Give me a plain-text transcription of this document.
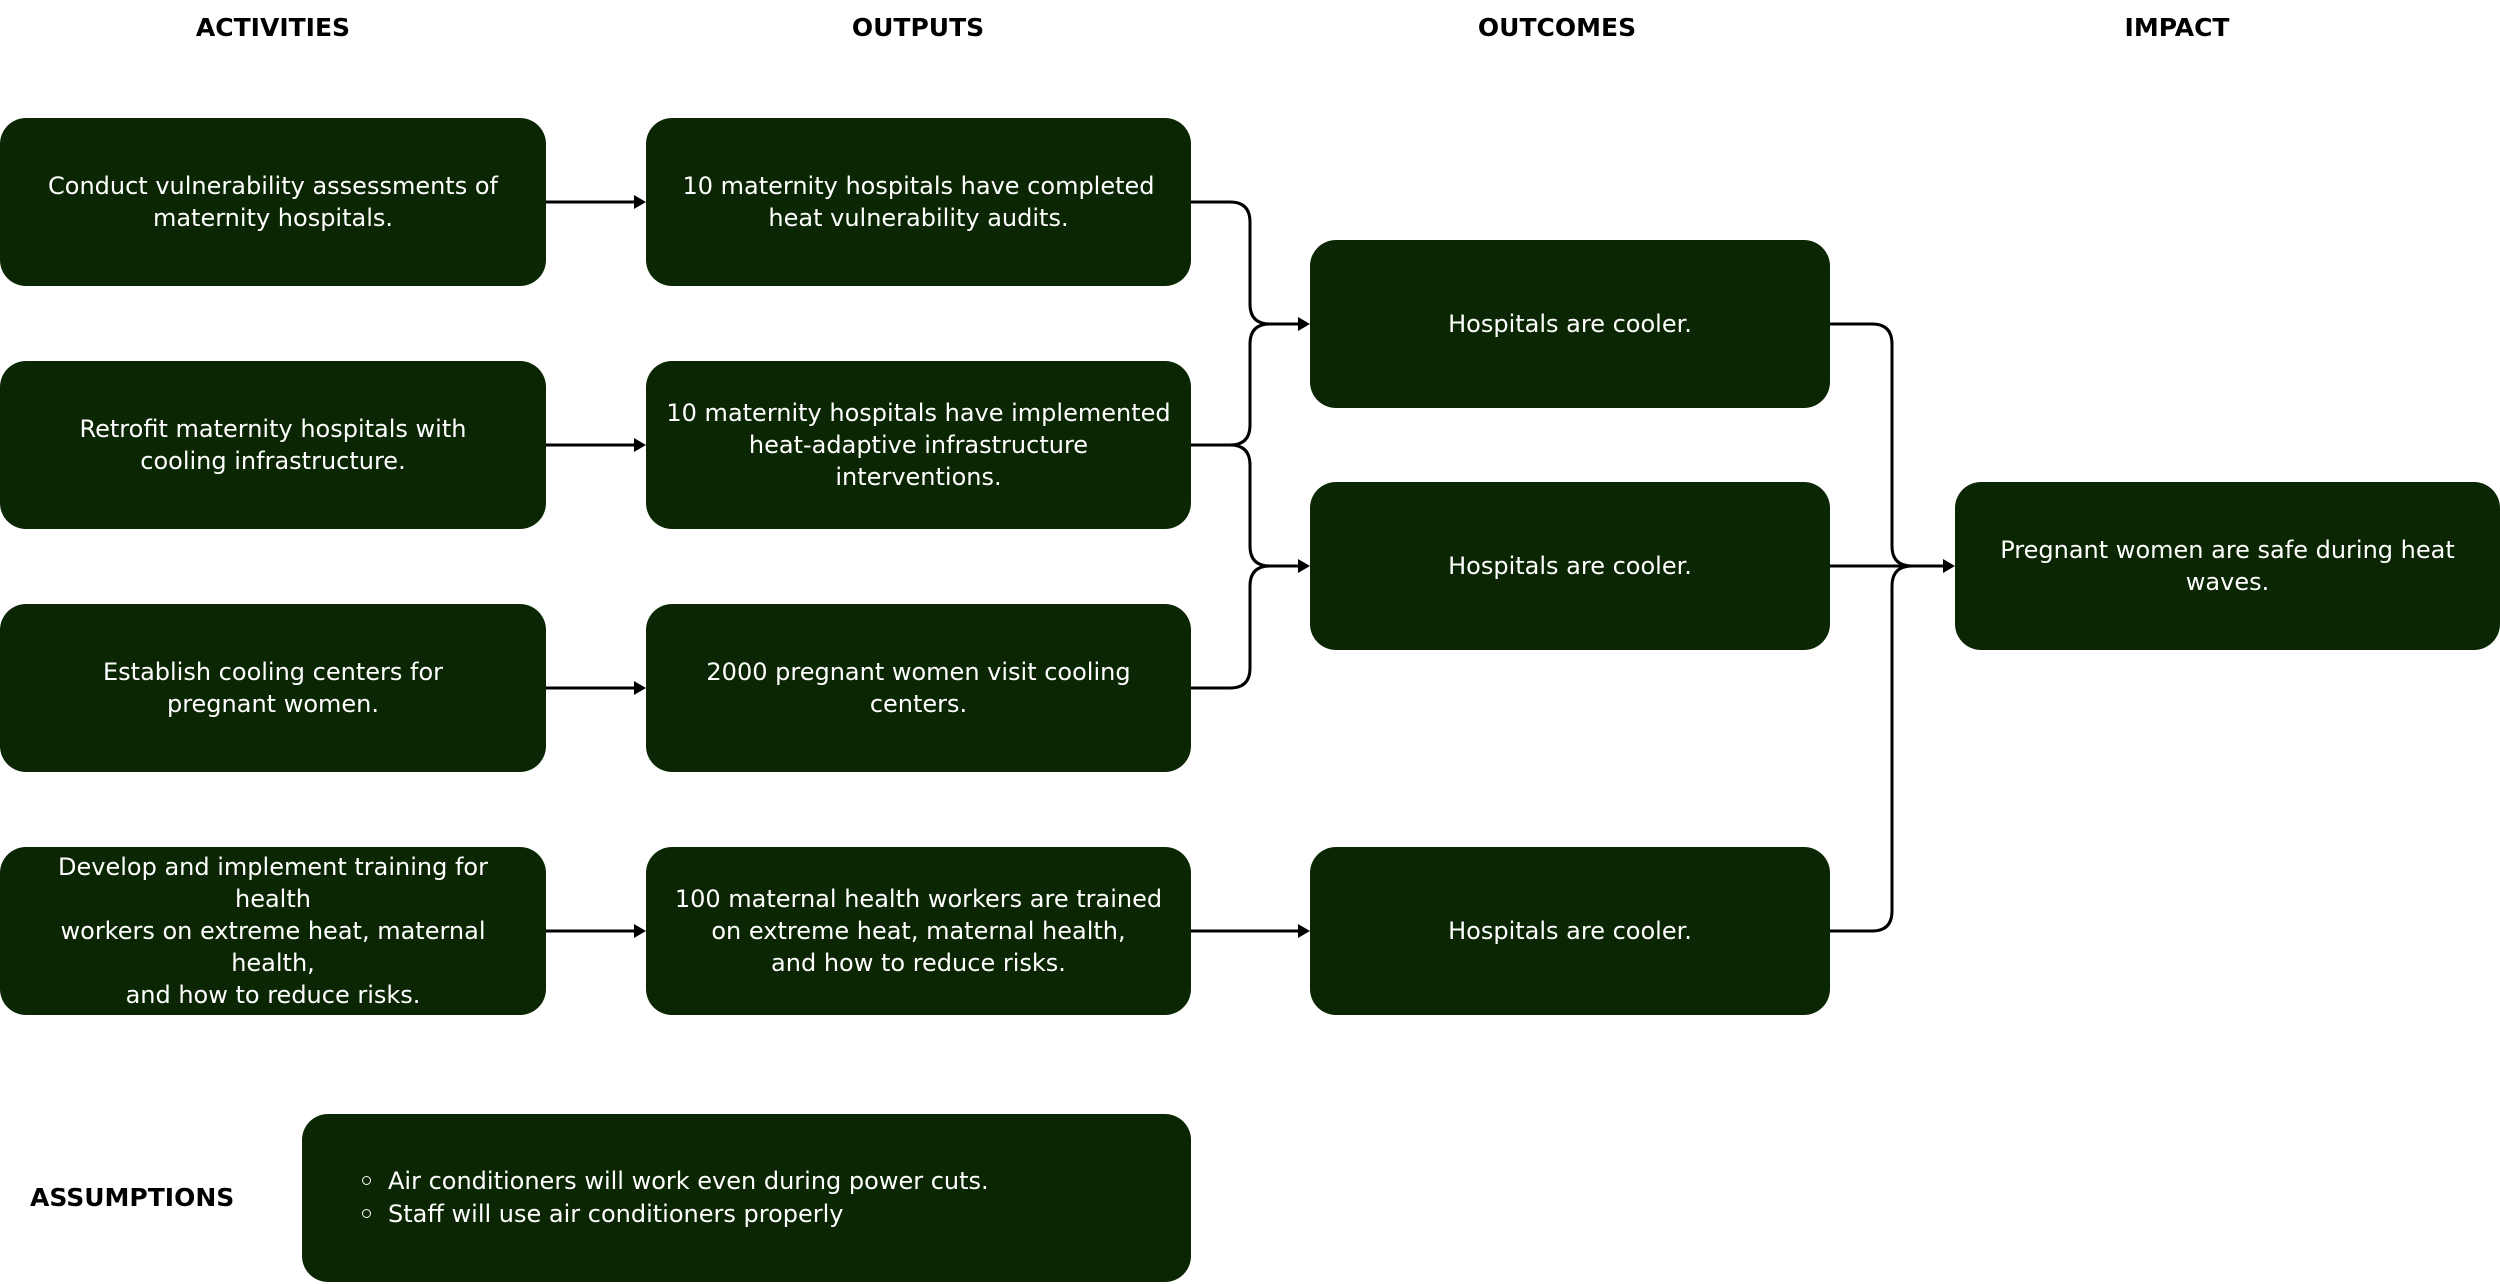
ACTIVITIES	OUTPUTS	OUTCOMES	IMPACT
Conduct vulnerability assessments of
maternity hospitals.
Retrofit maternity hospitals with
cooling infrastructure.
Establish cooling centers for
pregnant women.
Develop and implement training for health
workers on extreme heat, maternal health,
and how to reduce risks.
10 maternity hospitals have completed
heat vulnerability audits.
10 maternity hospitals have implemented
heat-adaptive infrastructure interventions.
2000 pregnant women visit cooling centers.
100 maternal health workers are trained
on extreme heat, maternal health,
and how to reduce risks.
Hospitals are cooler.
Hospitals are cooler.
Hospitals are cooler.
Pregnant women are safe during heat waves.
ASSUMPTIONS
Air conditioners will work even during power cuts.
Staff will use air conditioners properly
